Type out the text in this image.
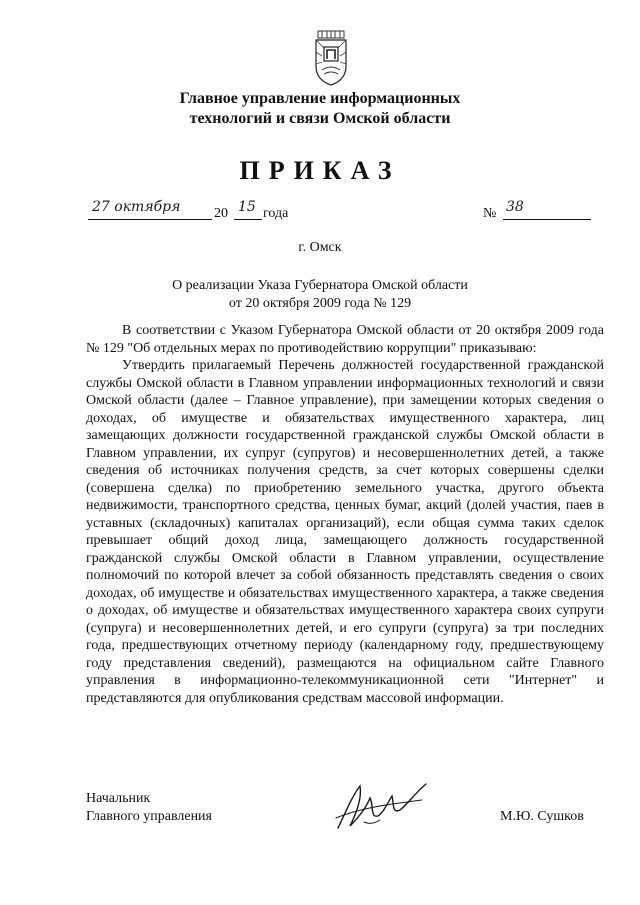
Главное управление информационных
технологий и связи Омской области
ПРИКАЗ
27 октября 20 15 года	№ 38
г. Омск
О реализации Указа Губернатора Омской области
от 20 октября 2009 года № 129

В соответствии с Указом Губернатора Омской области от 20 октября 2009 года № 129 "Об отдельных мерах по противодействию коррупции" приказываю:

Утвердить прилагаемый Перечень должностей государственной гражданской службы Омской области в Главном управлении информационных технологий и связи Омской области (далее – Главное управление), при замещении которых сведения о доходах, об имуществе и обязательствах имущественного характера, лиц замещающих должности государственной гражданской службы Омской области в Главном управлении, их супруг (супругов) и несовершеннолетних детей, а также сведения об источниках получения средств, за счет которых совершены сделки (совершена сделка) по приобретению земельного участка, другого объекта недвижимости, транспортного средства, ценных бумаг, акций (долей участия, паев в уставных (складочных) капиталах организаций), если общая сумма таких сделок превышает общий доход лица, замещающего должность государственной гражданской службы Омской области в Главном управлении, осуществление полномочий по которой влечет за собой обязанность представлять сведения о своих доходах, об имуществе и обязательствах имущественного характера, а также сведения о доходах, об имуществе и обязательствах имущественного характера своих супруги (супруга) и несовершеннолетних детей, и его супруги (супруга) за три последних года, предшествующих отчетному периоду (календарному году, предшествующему году представления сведений), размещаются на официальном сайте Главного управления в информационно-телекоммуникационной сети "Интернет" и представляются для опубликования средствам массовой информации.

Начальник
Главного управления	М.Ю. Сушков
